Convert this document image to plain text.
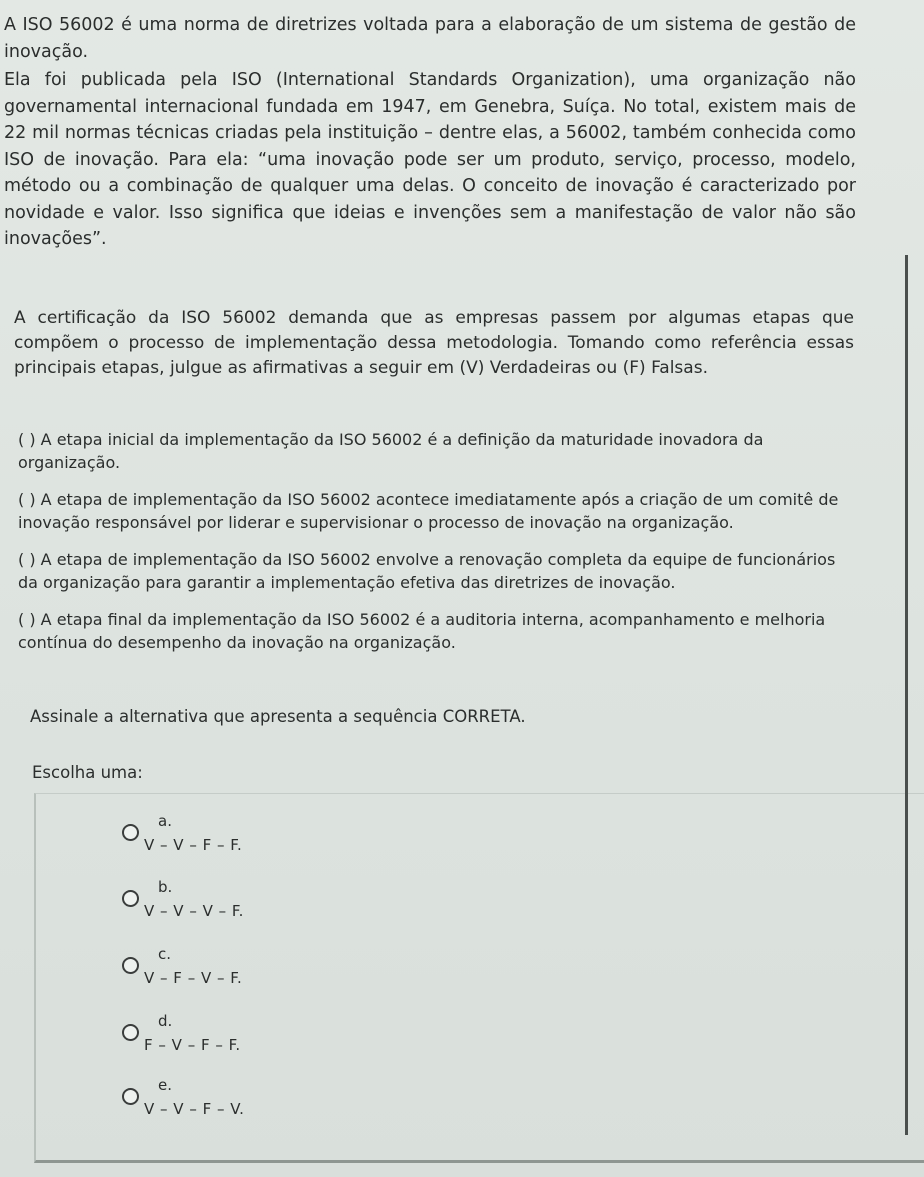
A ISO 56002 é uma norma de diretrizes voltada para a elaboração de um sistema de gestão de inovação.

Ela foi publicada pela ISO (International Standards Organization), uma organização não governamental internacional fundada em 1947, em Genebra, Suíça. No total, existem mais de 22 mil normas técnicas criadas pela instituição – dentre elas, a 56002, também conhecida como ISO de inovação. Para ela: “uma inovação pode ser um produto, serviço, processo, modelo, método ou a combinação de qualquer uma delas. O conceito de inovação é caracterizado por novidade e valor. Isso significa que ideias e invenções sem a manifestação de valor não são inovações”.

A certificação da ISO 56002 demanda que as empresas passem por algumas etapas que compõem o processo de implementação dessa metodologia. Tomando como referência essas principais etapas, julgue as afirmativas a seguir em (V) Verdadeiras ou (F) Falsas.

( ) A etapa inicial da implementação da ISO 56002 é a definição da maturidade inovadora da organização.

( ) A etapa de implementação da ISO 56002 acontece imediatamente após a criação de um comitê de inovação responsável por liderar e supervisionar o processo de inovação na organização.

( ) A etapa de implementação da ISO 56002 envolve a renovação completa da equipe de funcionários da organização para garantir a implementação efetiva das diretrizes de inovação.

( ) A etapa final da implementação da ISO 56002 é a auditoria interna, acompanhamento e melhoria contínua do desempenho da inovação na organização.

Assinale a alternativa que apresenta a sequência CORRETA.
Escolha uma:
a.
V – V – F – F.
b.
V – V – V – F.
c.
V – F – V – F.
d.
F – V – F – F.
e.
V – V – F – V.
